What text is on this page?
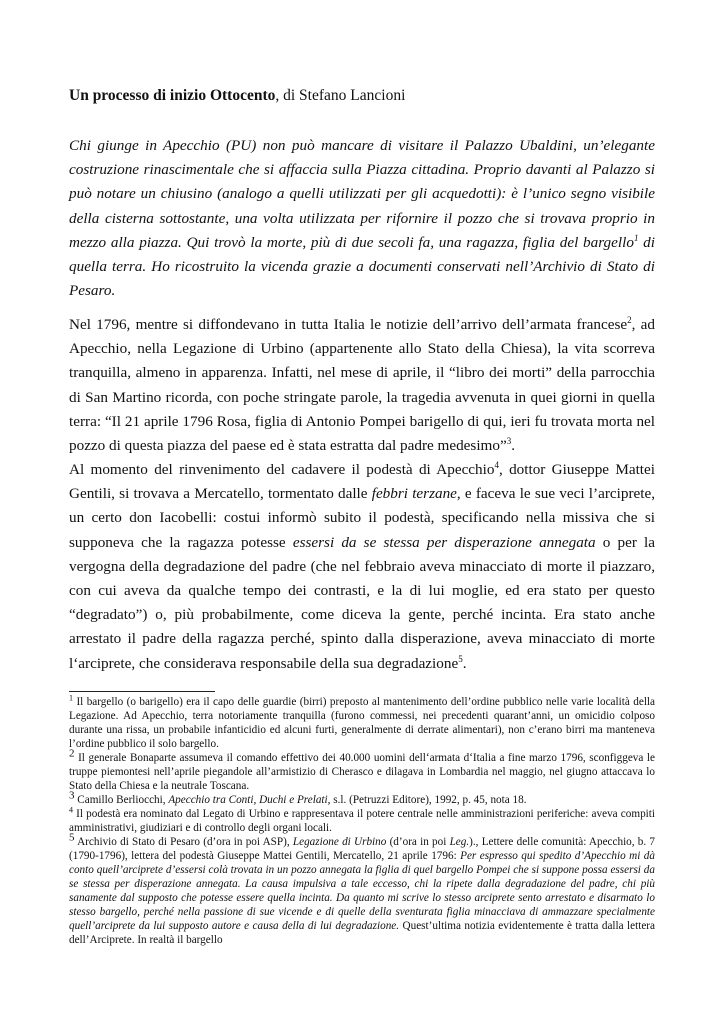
Un processo di inizio Ottocento, di Stefano Lancioni
Chi giunge in Apecchio (PU) non può mancare di visitare il Palazzo Ubaldini, un’elegante costruzione rinascimentale che si affaccia sulla Piazza cittadina. Proprio davanti al Palazzo si può notare un chiusino (analogo a quelli utilizzati per gli acquedotti): è l’unico segno visibile della cisterna sottostante, una volta utilizzata per rifornire il pozzo che si trovava proprio in mezzo alla piazza. Qui trovò la morte, più di due secoli fa, una ragazza, figlia del bargello$^1$ di quella terra. Ho ricostruito la vicenda grazie a documenti conservati nell’Archivio di Stato di Pesaro.
Nel 1796, mentre si diffondevano in tutta Italia le notizie dell’arrivo dell’armata francese$^2$, ad Apecchio, nella Legazione di Urbino (appartenente allo Stato della Chiesa), la vita scorreva tranquilla, almeno in apparenza. Infatti, nel mese di aprile, il “libro dei morti” della parrocchia di San Martino ricorda, con poche stringate parole, la tragedia avvenuta in quei giorni in quella terra: “Il 21 aprile 1796 Rosa, figlia di Antonio Pompei barigello di qui, ieri fu trovata morta nel pozzo di questa piazza del paese ed è stata estratta dal padre medesimo”$^3$.
Al momento del rinvenimento del cadavere il podestà di Apecchio$^4$, dottor Giuseppe Mattei Gentili, si trovava a Mercatello, tormentato dalle febbri terzane, e faceva le sue veci l’arciprete, un certo don Iacobelli: costui informò subito il podestà, specificando nella missiva che si supponeva che la ragazza potesse essersi da se stessa per disperazione annegata o per la vergogna della degradazione del padre (che nel febbraio aveva minacciato di morte il piazzaro, con cui aveva da qualche tempo dei contrasti, e la di lui moglie, ed era stato per questo “degradato”) o, più probabilmente, come diceva la gente, perché incinta. Era stato anche arrestato il padre della ragazza perché, spinto dalla disperazione, aveva minacciato di morte l‘arciprete, che considerava responsabile della sua degradazione$^5$.
$^1$ Il bargello (o barigello) era il capo delle guardie (birri) preposto al mantenimento dell’ordine pubblico nelle varie località della Legazione. Ad Apecchio, terra notoriamente tranquilla (furono commessi, nei precedenti quarant’anni, un omicidio colposo durante una rissa, un probabile infanticidio ed alcuni furti, generalmente di derrate alimentari), non c’erano birri ma manteneva l’ordine pubblico il solo bargello.
2 Il generale Bonaparte assumeva il comando effettivo dei 40.000 uomini dell‘armata d‘Italia a fine marzo 1796, sconfiggeva le truppe piemontesi nell’aprile piegandole all’armistizio di Cherasco e dilagava in Lombardia nel maggio, nel giugno attaccava lo Stato della Chiesa e la neutrale Toscana.
3 Camillo Berliocchi, Apecchio tra Conti, Duchi e Prelati, s.l. (Petruzzi Editore), 1992, p. 45, nota 18.
$^4$ Il podestà era nominato dal Legato di Urbino e rappresentava il potere centrale nelle amministrazioni periferiche: aveva compiti amministrativi, giudiziari e di controllo degli organi locali.
5 Archivio di Stato di Pesaro (d’ora in poi ASP), Legazione di Urbino (d’ora in poi Leg.)., Lettere delle comunità: Apecchio, b. 7 (1790-1796), lettera del podestà Giuseppe Mattei Gentili, Mercatello, 21 aprile 1796: Per espresso qui spedito d’Apecchio mi dà conto quell’arciprete d’essersi colà trovata in un pozzo annegata la figlia di quel bargello Pompei che si suppone possa essersi da se stessa per disperazione annegata. La causa impulsiva a tale eccesso, chi la ripete dalla degradazione del padre, chi più sanamente dal supposto che potesse essere quella incinta. Da quanto mi scrive lo stesso arciprete sento arrestato e disarmato lo stesso bargello, perché nella passione di sue vicende e di quelle della sventurata figlia minacciava di ammazzare specialmente quell’arciprete da lui supposto autore e causa della di lui degradazione. Quest’ultima notizia evidentemente è tratta dalla lettera dell’Arciprete. In realtà il bargello
